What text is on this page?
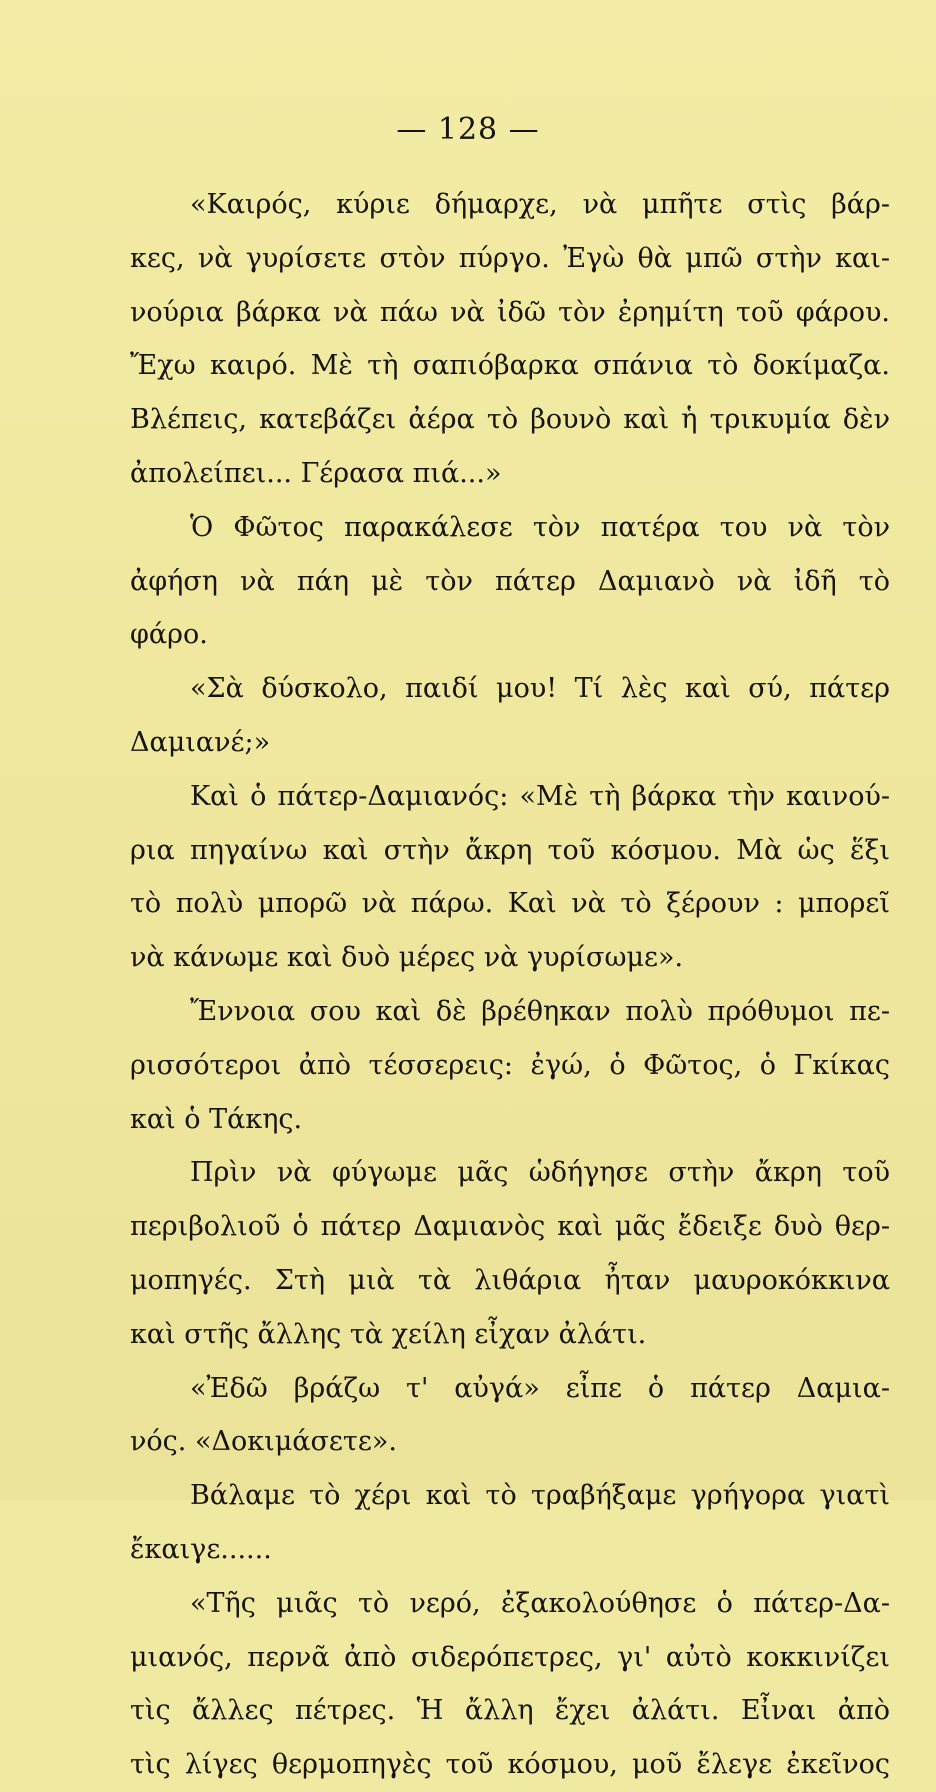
— 128 —
«Καιρός, κύριε δήμαρχε, νὰ μπῆτε στὶς βάρ-
κες, νὰ γυρίσετε στὸν πύργο. Ἐγὼ θὰ μπῶ στὴν και-
νούρια βάρκα νὰ πάω νὰ ἰδῶ τὸν ἐρημίτη τοῦ φάρου.
Ἔχω καιρό. Μὲ τὴ σαπιόβαρκα σπάνια τὸ δοκίμαζα.
Βλέπεις, κατεβάζει ἀέρα τὸ βουνὸ καὶ ἡ τρικυμία δὲν
ἀπολείπει... Γέρασα πιά...»
Ὁ Φῶτος παρακάλεσε τὸν πατέρα του νὰ τὸν
ἀφήση νὰ πάη μὲ τὸν πάτερ Δαμιανὸ νὰ ἰδῆ τὸ
φάρο.
«Σὰ δύσκολο, παιδί μου! Τί λὲς καὶ σύ, πάτερ
Δαμιανέ;»
Καὶ ὁ πάτερ-Δαμιανός: «Μὲ τὴ βάρκα τὴν καινού-
ρια πηγαίνω καὶ στὴν ἄκρη τοῦ κόσμου. Μὰ ὡς ἕξι
τὸ πολὺ μπορῶ νὰ πάρω. Καὶ νὰ τὸ ξέρουν : μπορεῖ
νὰ κάνωμε καὶ δυὸ μέρες νὰ γυρίσωμε».
Ἔννοια σου καὶ δὲ βρέθηκαν πολὺ πρόθυμοι πε-
ρισσότεροι ἀπὸ τέσσερεις: ἐγώ, ὁ Φῶτος, ὁ Γκίκας
καὶ ὁ Τάκης.
Πρὶν νὰ φύγωμε μᾶς ὡδήγησε στὴν ἄκρη τοῦ
περιβολιοῦ ὁ πάτερ Δαμιανὸς καὶ μᾶς ἔδειξε δυὸ θερ-
μοπηγές. Στὴ μιὰ τὰ λιθάρια ἦταν μαυροκόκκινα
καὶ στῆς ἄλλης τὰ χείλη εἶχαν ἀλάτι.
«Ἐδῶ βράζω τ' αὐγά» εἶπε ὁ πάτερ Δαμια-
νός. «Δοκιμάσετε».
Βάλαμε τὸ χέρι καὶ τὸ τραβήξαμε γρήγορα γιατὶ
ἔκαιγε......
«Τῆς μιᾶς τὸ νερό, ἐξακολούθησε ὁ πάτερ-Δα-
μιανός, περνᾶ ἀπὸ σιδερόπετρες, γι' αὐτὸ κοκκινίζει
τὶς ἄλλες πέτρες. Ἡ ἄλλη ἔχει ἀλάτι. Εἶναι ἀπὸ
τὶς λίγες θερμοπηγὲς τοῦ κόσμου, μοῦ ἔλεγε ἐκεῖνος
